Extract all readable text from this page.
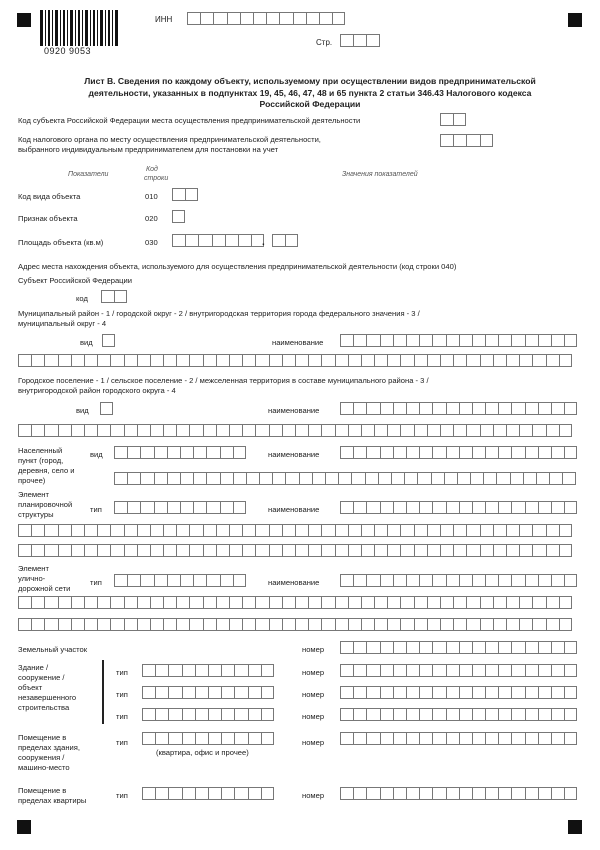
0920 9053
ИНН
Стр.
Лист В. Сведения по каждому объекту, используемому при осуществлении видов предпринимательской
деятельности, указанных в подпунктах 19, 45, 46, 47, 48 и 65 пункта 2 статьи 346.43 Налогового кодекса
Российской Федерации
Код субъекта Российской Федерации места осуществления предпринимательской деятельности
Код налогового органа по месту осуществления предпринимательской деятельности,
выбранного индивидуальным предпринимателем для постановки на учет
Показатели
Код
строки
Значения показателей
Код вида объекта	010
Признак объекта	020
Площадь объекта (кв.м)	030	.
Адрес места нахождения объекта, используемого для осуществления предпринимательской деятельности (код строки 040)
Субъект Российской Федерации
код
Муниципальный район - 1 / городской округ - 2 / внутригородская территория города федерального значения - 3 /
муниципальный округ - 4
вид	наименование
Городское поселение - 1 / сельское поселение - 2 / межселенная территория в составе муниципального района - 3 /
внутригородской район городского округа - 4
вид	наименование
Населенный
пункт (город,
деревня, село и
прочее)
вид	наименование
Элемент
планировочной
структуры
тип	наименование
Элемент
улично-
дорожной сети
тип	наименование
Земельный участок	номер
Здание /
сооружение /
объект
незавершенного
строительства
тип	номер
тип	номер
тип	номер
Помещение в
пределах здания,
сооружения /
машино-место
тип
(квартира, офис и прочее)
номер
Помещение в
пределах квартиры
тип	номер
